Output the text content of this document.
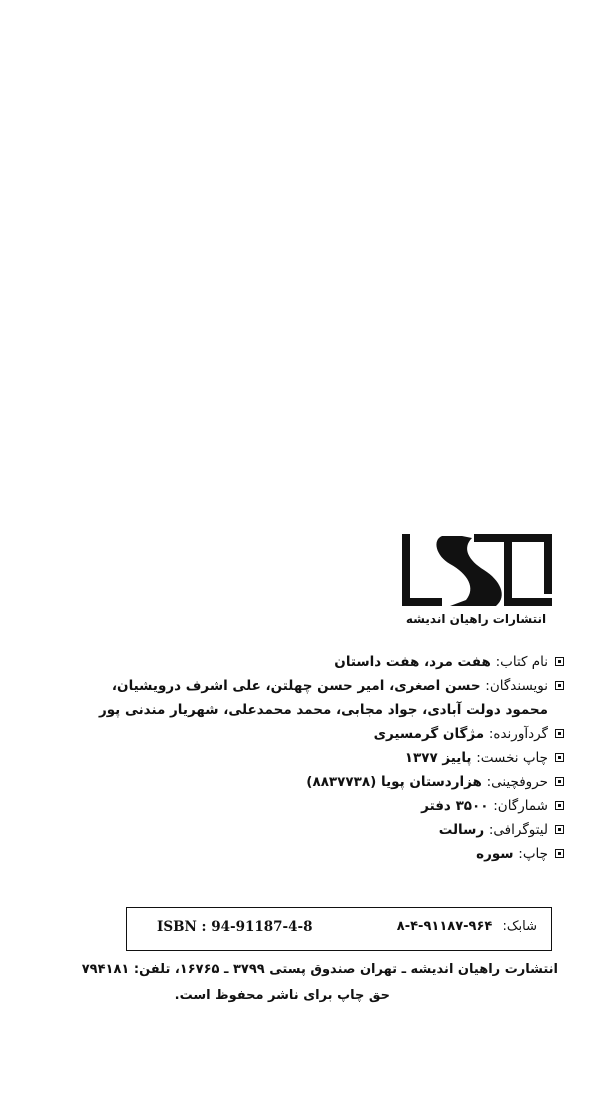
انتشارات راهیان اندیشه
نام کتاب: هفت مرد، هفت داستان
نویسندگان: حسن اصغری، امیر حسن چهلتن، علی اشرف درویشیان،
محمود دولت آبادی، جواد مجابی، محمد محمدعلی، شهریار مندنی پور
گردآورنده: مژگان گرمسیری
چاپ نخست: پاییز ۱۳۷۷
حروفچینی: هزاردستان پویا (۸۸۳۷۷۳۸)
شمارگان: ۳۵۰۰ دفتر
لیتوگرافی: رسالت
چاپ: سوره
ISBN : 94-91187-4-8	شابک: ۹۶۴-۹۱۱۸۷-۴-۸
انتشارت راهیان اندیشه ـ تهران صندوق پستی ۳۷۹۹ ـ ۱۶۷۶۵، تلفن: ۷۹۴۱۸۱
حق چاپ برای ناشر محفوظ است.
